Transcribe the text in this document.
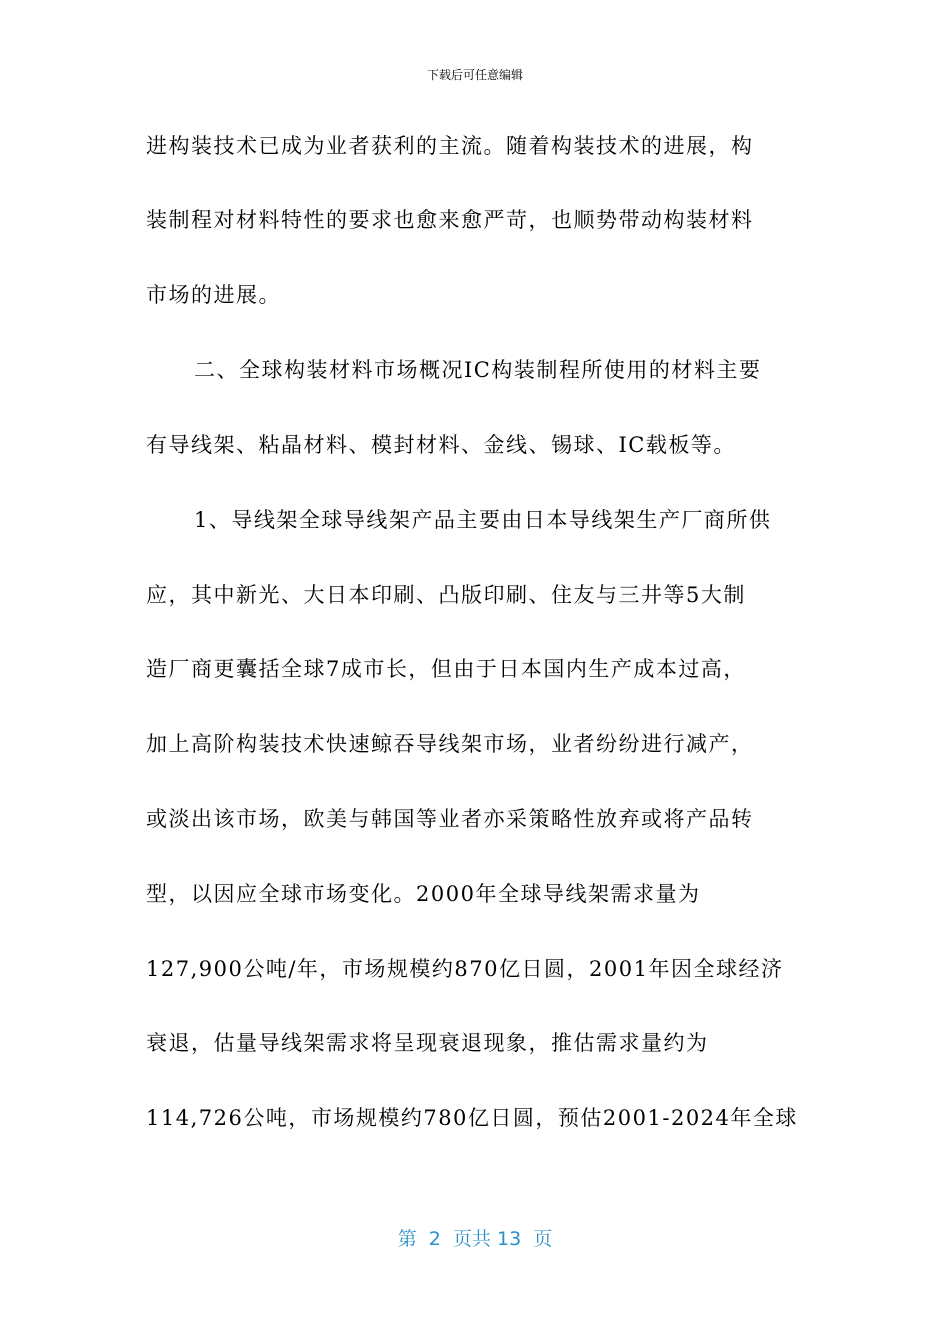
下载后可任意编辑
进构装技术已成为业者获利的主流。随着构装技术的进展，构
装制程对材料特性的要求也愈来愈严苛，也顺势带动构装材料
市场的进展。
二、全球构装材料市场概况IC构装制程所使用的材料主要
有导线架、粘晶材料、模封材料、金线、锡球、IC载板等。
1、导线架全球导线架产品主要由日本导线架生产厂商所供
应，其中新光、大日本印刷、凸版印刷、住友与三井等5大制
造厂商更囊括全球7成市长，但由于日本国内生产成本过高，
加上高阶构装技术快速鲸吞导线架市场，业者纷纷进行减产，
或淡出该市场，欧美与韩国等业者亦采策略性放弃或将产品转
型，以因应全球市场变化。2000年全球导线架需求量为
127,900公吨/年，市场规模约870亿日圆，2001年因全球经济
衰退，估量导线架需求将呈现衰退现象，推估需求量约为
114,726公吨，市场规模约780亿日圆，预估2001-2024年全球
第  2  页共 13  页
